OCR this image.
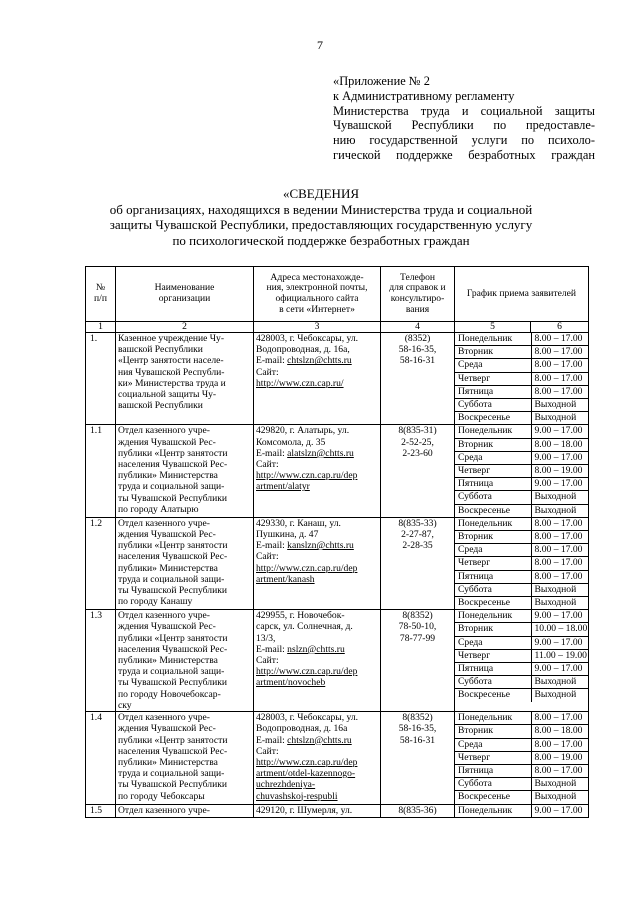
7
«Приложение № 2
к Административному регламенту
Министерства труда и социальной защиты
Чувашской Республики по предоставле-
нию государственной услуги по психоло-
гической поддержке безработных граждан
«СВЕДЕНИЯ
об организациях, находящихся в ведении Министерства труда и социальной
защиты Чувашской Республики, предоставляющих государственную услугу
по психологической поддержке безработных граждан
№
п/п

Наименование
организации

Адреса местонахожде-
ния, электронной почты,
официального сайта
в сети «Интернет»

Телефон
для справок и
консультиро-
вания
	График приема заявителей
1	2	3	4	5	6
1.	Казенное учреждение Чу-
вашской Республики
«Центр занятости населе-
ния Чувашской Республи-
ки» Министерства труда и
социальной защиты Чу-
вашской Республики

428003, г. Чебоксары, ул.
Водопроводная, д. 16а,
E-mail: chtslzn@chtts.ru
Сайт:
http://www.czn.cap.ru/

(8352)
58-16-35,
58-16-31

Понедельник	8.00 – 17.00
Вторник	8.00 – 17.00
Среда	8.00 – 17.00
Четверг	8.00 – 17.00
Пятница	8.00 – 17.00
Суббота	Выходной
Воскресенье	Выходной

1.1	Отдел казенного учре-
ждения Чувашской Рес-
публики «Центр занятости
населения Чувашской Рес-
публики» Министерства
труда и социальной защи-
ты Чувашской Республики
по городу Алатырю

429820, г. Алатырь, ул.
Комсомола, д. 35
E-mail: alatslzn@chtts.ru
Сайт:
http://www.czn.cap.ru/dep
artment/alatyr

8(835-31)
2-52-25,
2-23-60

Понедельник	9.00 – 17.00
Вторник	8.00 – 18.00
Среда	9.00 – 17.00
Четверг	8.00 – 19.00
Пятница	9.00 – 17.00
Суббота	Выходной
Воскресенье	Выходной

1.2	Отдел казенного учре-
ждения Чувашской Рес-
публики «Центр занятости
населения Чувашской Рес-
публики» Министерства
труда и социальной защи-
ты Чувашской Республики
по городу Канашу

429330, г. Канаш, ул.
Пушкина, д. 47
E-mail: kanslzn@chtts.ru
Сайт:
http://www.czn.cap.ru/dep
artment/kanash

8(835-33)
2-27-87,
2-28-35

Понедельник	8.00 – 17.00
Вторник	8.00 – 17.00
Среда	8.00 – 17.00
Четверг	8.00 – 17.00
Пятница	8.00 – 17.00
Суббота	Выходной
Воскресенье	Выходной

1.3	Отдел казенного учре-
ждения Чувашской Рес-
публики «Центр занятости
населения Чувашской Рес-
публики» Министерства
труда и социальной защи-
ты Чувашской Республики
по городу Новочебоксар-
ску

429955, г. Новочебок-
сарск, ул. Солнечная, д.
13/3,
E-mail: nslzn@chtts.ru
Сайт:
http://www.czn.cap.ru/dep
artment/novocheb

8(8352)
78-50-10,
78-77-99

Понедельник	9.00 – 17.00
Вторник	10.00 – 18.00
Среда	9.00 – 17.00
Четверг	11.00 – 19.00
Пятница	9.00 – 17.00
Суббота	Выходной
Воскресенье	Выходной

1.4	Отдел казенного учре-
ждения Чувашской Рес-
публики «Центр занятости
населения Чувашской Рес-
публики» Министерства
труда и социальной защи-
ты Чувашской Республики
по городу Чебоксары

428003, г. Чебоксары, ул.
Водопроводная, д. 16а
E-mail: chtslzn@chtts.ru
Сайт:
http://www.czn.cap.ru/dep
artment/otdel-kazennogo-
uchrezhdeniya-
chuvashskoj-respubli

8(8352)
58-16-35,
58-16-31

Понедельник	8.00 – 17.00
Вторник	8.00 – 18.00
Среда	8.00 – 17.00
Четверг	8.00 – 19.00
Пятница	8.00 – 17.00
Суббота	Выходной
Воскресенье	Выходной

1.5	Отдел казенного учре-	429120, г. Шумерля, ул.	8(835-36)
		Понедельник	9.00 – 17.00
